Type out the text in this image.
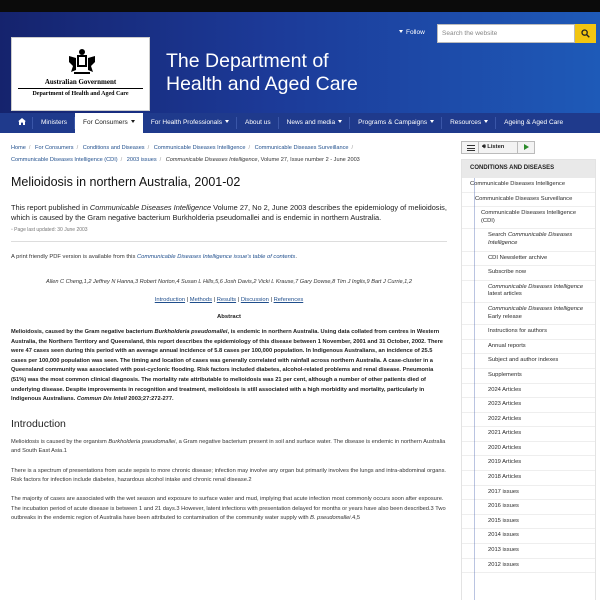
Australian Government
Department of Health and Aged Care
The Department of
Health and Aged Care
Follow	Search the website
Ministers	For Consumers	For Health Professionals	About us	News and media	Programs & Campaigns	Resources	Ageing & Aged Care
Home / For Consumers / Conditions and Diseases / Communicable Diseases Intelligence / Communicable Diseases Surveillance /
Communicable Diseases Intelligence (CDI) / 2003 issues / Communicable Diseases Intelligence, Volume 27, Issue number 2 - June 2003
Melioidosis in northern Australia, 2001-02

This report published in Communicable Diseases Intelligence Volume 27, No 2, June 2003 describes the epidemiology of melioidosis, which is caused by the Gram negative bacterium Burkholderia pseudomallei and is endemic in northern Australia.

▫ Page last updated: 30 June 2003

A print friendly PDF version is available from this Communicable Diseases Intelligence issue's table of contents.

Allen C Cheng,1,2 Jeffrey N Hanna,3 Robert Norton,4 Susan L Hills,5,6 Josh Davis,2 Vicki L Krause,7 Gary Dowse,8 Tim J Inglis,9 Bart J Currie,1,2

Introduction | Methods | Results | Discussion | References

Abstract

Melioidosis, caused by the Gram negative bacterium Burkholderia pseudomallei, is endemic in northern Australia. Using data collated from centres in Western Australia, the Northern Territory and Queensland, this report describes the epidemiology of this disease between 1 November, 2001 and 31 October, 2002. There were 47 cases seen during this period with an average annual incidence of 5.8 cases per 100,000 population. In Indigenous Australians, an incidence of 25.5 cases per 100,000 population was seen. The timing and location of cases was generally correlated with rainfall across northern Australia. A case-cluster in a Queensland community was associated with post-cyclonic flooding. Risk factors included diabetes, alcohol-related problems and renal disease. Pneumonia (51%) was the most common clinical diagnosis. The mortality rate attributable to melioidosis was 21 per cent, although a number of other patients died of underlying disease. Despite improvements in recognition and treatment, melioidosis is still associated with a high morbidity and mortality, particularly in Indigenous Australians. Commun Dis Intell 2003;27:272-277.

Introduction

Melioidosis is caused by the organism Burkholderia pseudomallei, a Gram negative bacterium present in soil and surface water. The disease is endemic in northern Australia and South East Asia.1

There is a spectrum of presentations from acute sepsis to more chronic disease; infection may involve any organ but primarily involves the lungs and intra-abdominal organs. Risk factors for infection include diabetes, hazardous alcohol intake and chronic renal disease.2

The majority of cases are associated with the wet season and exposure to surface water and mud, implying that acute infection most commonly occurs soon after exposure. The incubation period of acute disease is between 1 and 21 days.3 However, latent infections with presentation delayed for months or years have also been described.3 Two outbreaks in the endemic region of Australia have been attributed to contamination of the community water supply with B. pseudomallei.4,5

🔊︎ Listen
CONDITIONS AND DISEASES
Communicable Diseases Intelligence
Communicable Diseases Surveillance
Communicable Diseases Intelligence (CDI)
Search Communicable Diseases Intelligence
CDI Newsletter archive
Subscribe now
Communicable Diseases Intelligence latest articles
Communicable Diseases Intelligence Early release
Instructions for authors
Annual reports
Subject and author indexes
Supplements
2024 Articles
2023 Articles
2022 Articles
2021 Articles
2020 Articles
2019 Articles
2018 Articles
2017 issues
2016 issues
2015 issues
2014 issues
2013 issues
2012 issues
